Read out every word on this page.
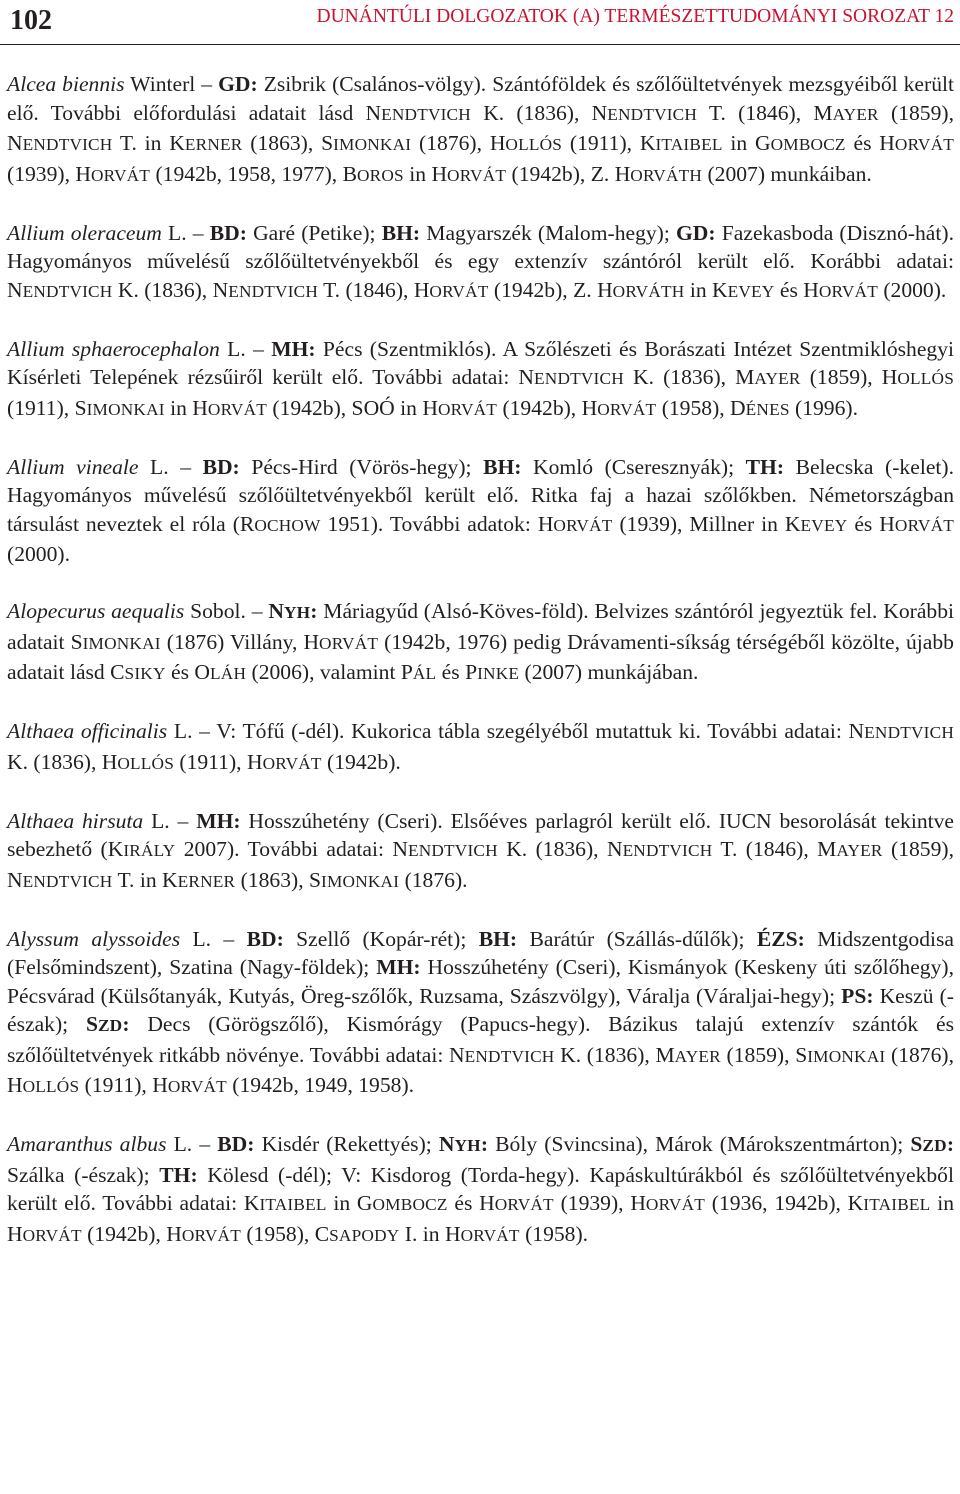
102	DUNÁNTÚLI DOLGOZATOK (A) TERMÉSZETTUDOMÁNYI SOROZAT 12

Alcea biennis Winterl – GD: Zsibrik (Csalános-völgy). Szántóföldek és szőlőültetvények mezsgyéiből került elő. További előfordulási adatait lásd NENDTVICH K. (1836), NENDTVICH T. (1846), MAYER (1859), NENDTVICH T. in KERNER (1863), SIMONKAI (1876), HOLLÓS (1911), KITAIBEL in GOMBOCZ és HORVÁT (1939), HORVÁT (1942b, 1958, 1977), BOROS in HORVÁT (1942b), Z. HORVÁTH (2007) munkáiban.

Allium oleraceum L. – BD: Garé (Petike); BH: Magyarszék (Malom-hegy); GD: Fazekasboda (Disznó-hát). Hagyományos művelésű szőlőültetvényekből és egy extenzív szántóról került elő. Korábbi adatai: NENDTVICH K. (1836), NENDTVICH T. (1846), HORVÁT (1942b), Z. HORVÁTH in KEVEY és HORVÁT (2000).

Allium sphaerocephalon L. – MH: Pécs (Szentmiklós). A Szőlészeti és Borászati Intézet Szentmiklóshegyi Kísérleti Telepének rézsűiről került elő. További adatai: NENDTVICH K. (1836), MAYER (1859), HOLLÓS (1911), SIMONKAI in HORVÁT (1942b), SOÓ in HORVÁT (1942b), HORVÁT (1958), DÉNES (1996).

Allium vineale L. – BD: Pécs-Hird (Vörös-hegy); BH: Komló (Cseresznyák); TH: Belecska (-kelet). Hagyományos művelésű szőlőültetvényekből került elő. Ritka faj a hazai szőlőkben. Németországban társulást neveztek el róla (ROCHOW 1951). További adatok: HORVÁT (1939), Millner in KEVEY és HORVÁT (2000).

Alopecurus aequalis Sobol. – NYH: Máriagyűd (Alsó-Köves-föld). Belvizes szántóról jegyeztük fel. Korábbi adatait SIMONKAI (1876) Villány, HORVÁT (1942b, 1976) pedig Drávamenti-síkság térségéből közölte, újabb adatait lásd CSIKY és OLÁH (2006), valamint PÁL és PINKE (2007) munkájában.

Althaea officinalis L. – V: Tófű (-dél). Kukorica tábla szegélyéből mutattuk ki. További adatai: NENDTVICH K. (1836), HOLLÓS (1911), HORVÁT (1942b).

Althaea hirsuta L. – MH: Hosszúhetény (Cseri). Elsőéves parlagról került elő. IUCN besorolását tekintve sebezhető (KIRÁLY 2007). További adatai: NENDTVICH K. (1836), NENDTVICH T. (1846), MAYER (1859), NENDTVICH T. in KERNER (1863), SIMONKAI (1876).

Alyssum alyssoides L. – BD: Szellő (Kopár-rét); BH: Barátúr (Szállás-dűlők); ÉZS: Midszentgodisa (Felsőmindszent), Szatina (Nagy-földek); MH: Hosszúhetény (Cseri), Kismányok (Keskeny úti szőlőhegy), Pécsvárad (Külsőtanyák, Kutyás, Öreg-szőlők, Ruzsama, Szászvölgy), Váralja (Váraljai-hegy); PS: Keszü (-észak); SZD: Decs (Görögszőlő), Kismórágy (Papucs-hegy). Bázikus talajú extenzív szántók és szőlőültetvények ritkább növénye. További adatai: NENDTVICH K. (1836), MAYER (1859), SIMONKAI (1876), HOLLÓS (1911), HORVÁT (1942b, 1949, 1958).

Amaranthus albus L. – BD: Kisdér (Rekettyés); NYH: Bóly (Svincsina), Márok (Márokszentmárton); SZD: Szálka (-észak); TH: Kölesd (-dél); V: Kisdorog (Torda-hegy). Kapáskultúrákból és szőlőültetvényekből került elő. További adatai: KITAIBEL in GOMBOCZ és HORVÁT (1939), HORVÁT (1936, 1942b), KITAIBEL in HORVÁT (1942b), HORVÁT (1958), CSAPODY I. in HORVÁT (1958).
